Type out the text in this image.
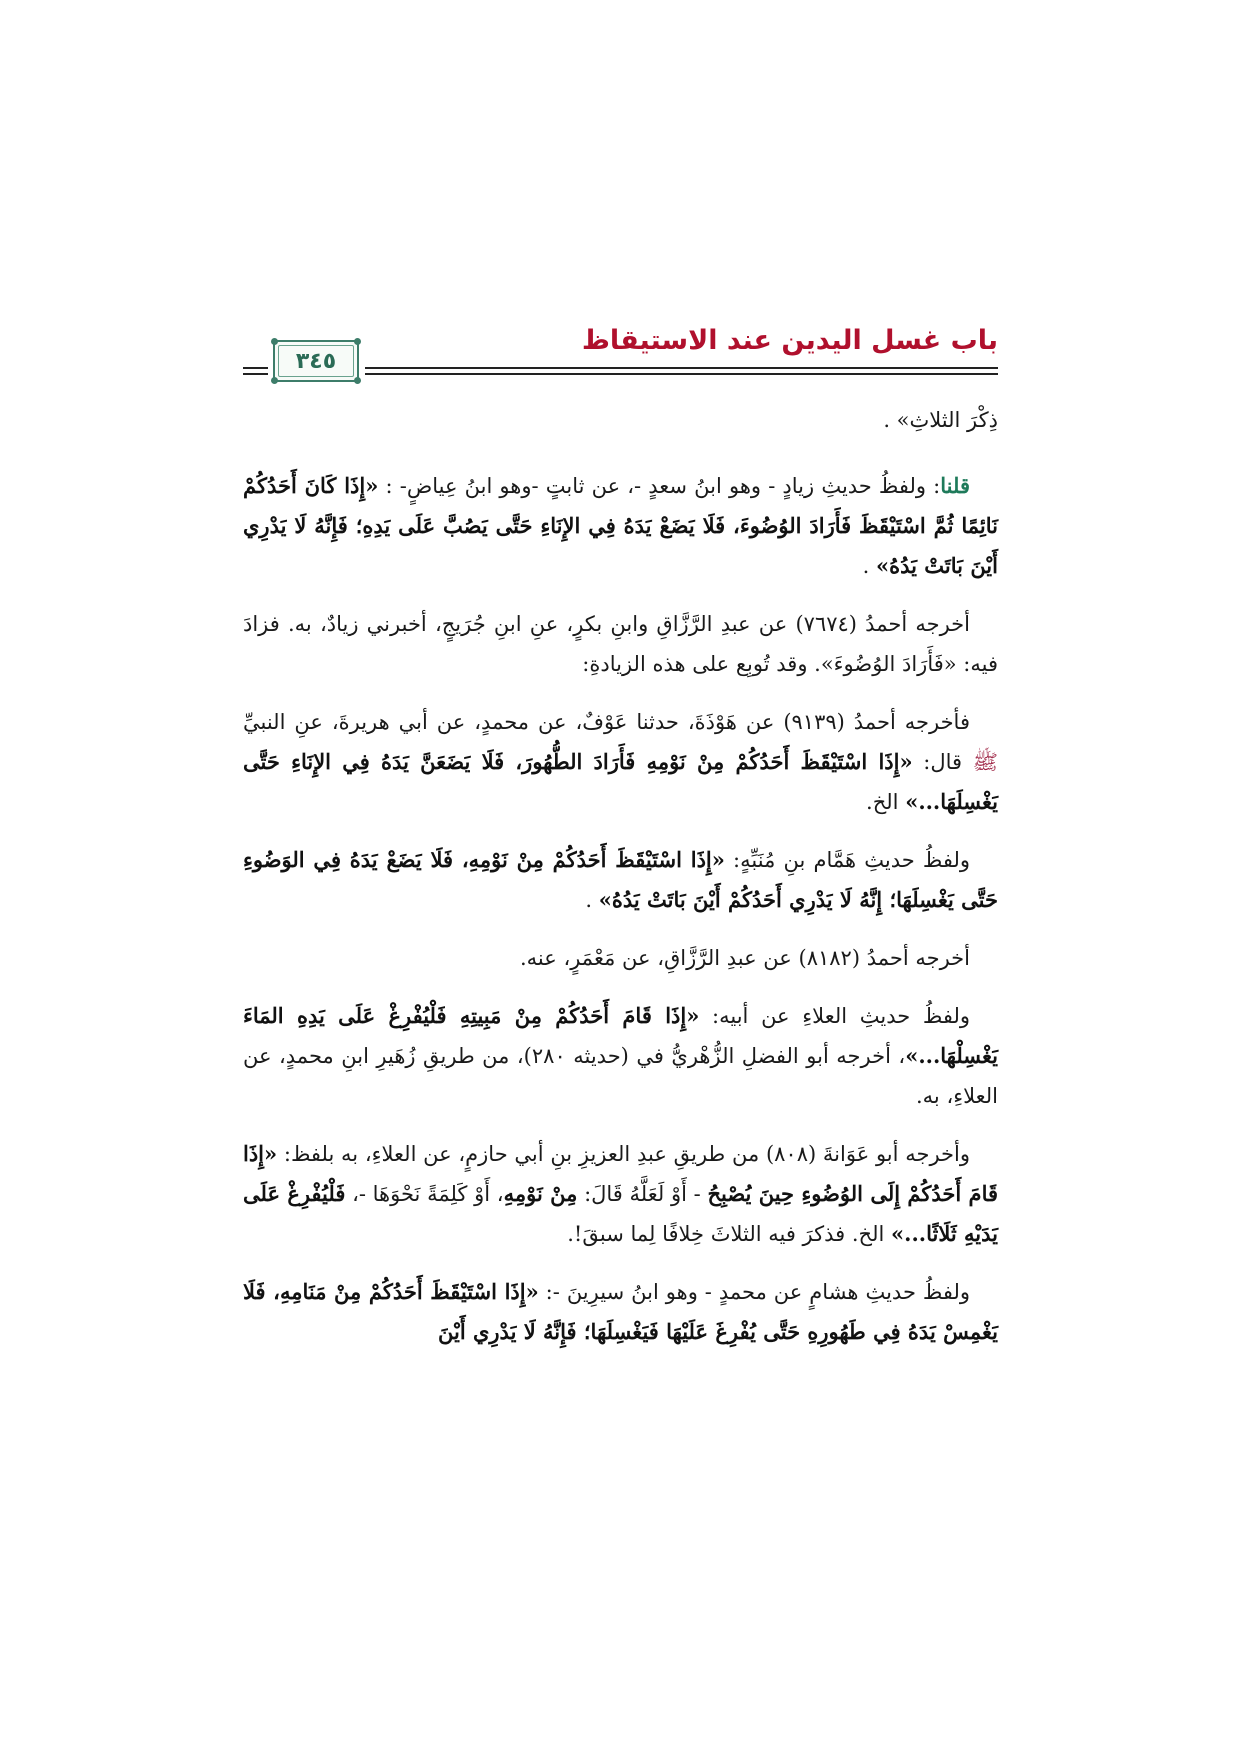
باب غسل اليدين عند الاستيقاظ
٣٤٥

ذِكْرَ الثلاثِ» .

قلنا: ولفظُ حديثِ زيادٍ - وهو ابنُ سعدٍ -، عن ثابتٍ -وهو ابنُ عِياضٍ- : «إِذَا كَانَ أَحَدُكُمْ نَائِمًا ثُمَّ اسْتَيْقَظَ فَأَرَادَ الوُضُوءَ، فَلَا يَضَعْ يَدَهُ فِي الإِنَاءِ حَتَّى يَصُبَّ عَلَى يَدِهِ؛ فَإِنَّهُ لَا يَدْرِي أَيْنَ بَاتَتْ يَدُهُ» .

أخرجه أحمدُ (٧٦٧٤) عن عبدِ الرَّزَّاقِ وابنِ بكرٍ، عنِ ابنِ جُرَيجٍ، أخبرني زيادٌ، به. فزادَ فيه: «فَأَرَادَ الوُضُوءَ». وقد تُوبِع على هذه الزيادةِ:

فأخرجه أحمدُ (٩١٣٩) عن هَوْذَةَ، حدثنا عَوْفٌ، عن محمدٍ، عن أبي هريرةَ، عنِ النبيِّ ﷺ قال: «إِذَا اسْتَيْقَظَ أَحَدُكُمْ مِنْ نَوْمِهِ فَأَرَادَ الطُّهُورَ، فَلَا يَضَعَنَّ يَدَهُ فِي الإِنَاءِ حَتَّى يَغْسِلَهَا...» الخ.

ولفظُ حديثِ هَمَّام بنِ مُنَبِّهٍ: «إِذَا اسْتَيْقَظَ أَحَدُكُمْ مِنْ نَوْمِهِ، فَلَا يَضَعْ يَدَهُ فِي الوَضُوءِ حَتَّى يَغْسِلَهَا؛ إِنَّهُ لَا يَدْرِي أَحَدُكُمْ أَيْنَ بَاتَتْ يَدُهُ» .

أخرجه أحمدُ (٨١٨٢) عن عبدِ الرَّزَّاقِ، عن مَعْمَرٍ، عنه.

ولفظُ حديثِ العلاءِ عن أبيه: «إِذَا قَامَ أَحَدُكُمْ مِنْ مَبِيتِهِ فَلْيُفْرِغْ عَلَى يَدِهِ المَاءَ يَغْسِلْهَا...»، أخرجه أبو الفضلِ الزُّهْريُّ في (حديثه ٢٨٠)، من طريقِ زُهَيرِ ابنِ محمدٍ، عن العلاءِ، به.

وأخرجه أبو عَوَانةَ (٨٠٨) من طريقِ عبدِ العزيزِ بنِ أبي حازمٍ، عن العلاءِ، به بلفظ: «إِذَا قَامَ أَحَدُكُمْ إِلَى الوُضُوءِ حِينَ يُصْبِحُ - أَوْ لَعَلَّهُ قَالَ: مِنْ نَوْمِهِ، أَوْ كَلِمَةً نَحْوَهَا -، فَلْيُفْرِغْ عَلَى يَدَيْهِ ثَلَاثًا...» الخ. فذكرَ فيه الثلاثَ خِلافًا لِما سبقَ!.

ولفظُ حديثِ هشامٍ عن محمدٍ - وهو ابنُ سيرِينَ -: «إِذَا اسْتَيْقَظَ أَحَدُكُمْ مِنْ مَنَامِهِ، فَلَا يَغْمِسْ يَدَهُ فِي طَهُورِهِ حَتَّى يُفْرِغَ عَلَيْهَا فَيَغْسِلَهَا؛ فَإِنَّهُ لَا يَدْرِي أَيْنَ
